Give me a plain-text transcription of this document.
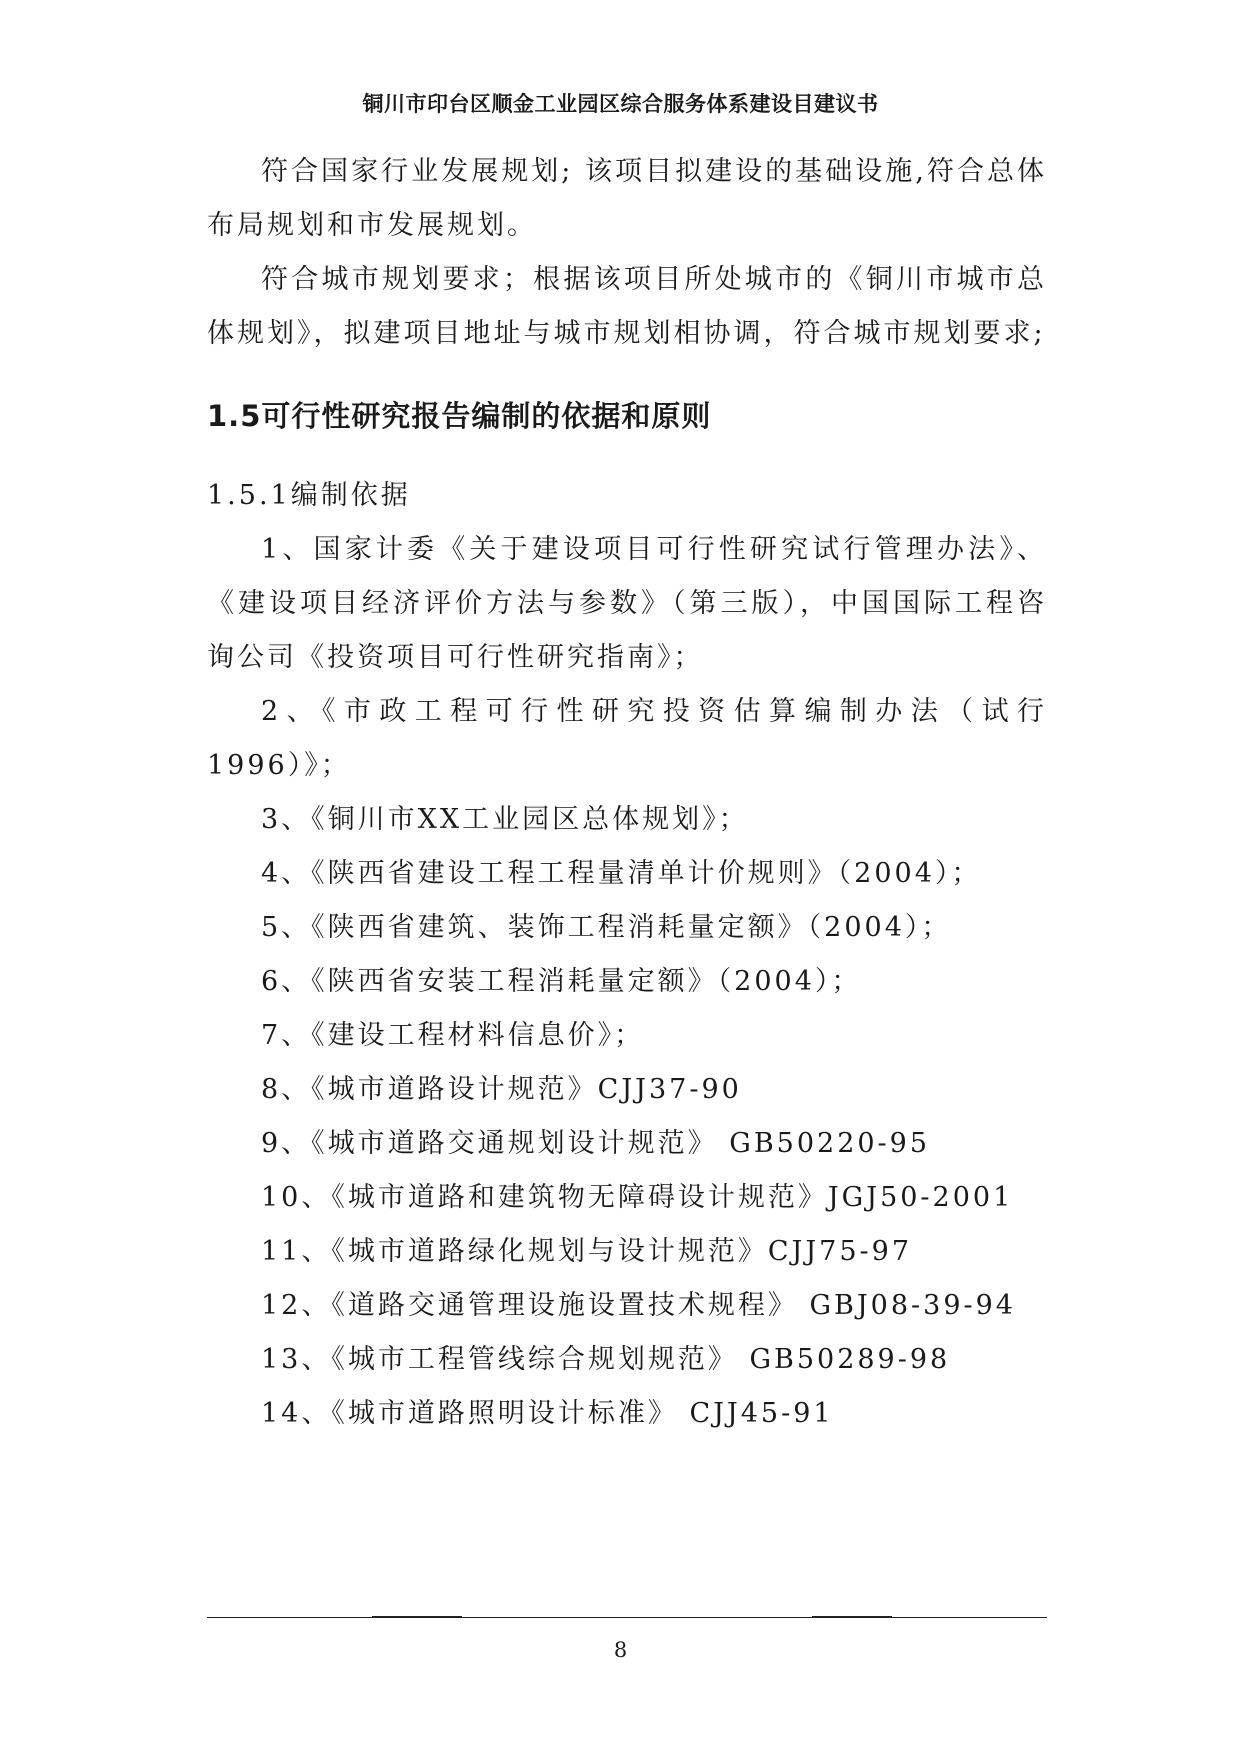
铜川市印台区顺金工业园区综合服务体系建设目建议书

符合国家行业发展规划; 该项目拟建设的基础设施,符合总体布局规划和市发展规划。

符合城市规划要求；根据该项目所处城市的《铜川市城市总体规划》，拟建项目地址与城市规划相协调，符合城市规划要求;

1.5可行性研究报告编制的依据和原则
1.5.1编制依据
1、国家计委《关于建设项目可行性研究试行管理办法》、《建设项目经济评价方法与参数》（第三版），中国国际工程咨询公司《投资项目可行性研究指南》；
2、《市政工程可行性研究投资估算编制办法（试行1996）》；
3、《铜川市XX工业园区总体规划》；
4、《陕西省建设工程工程量清单计价规则》（2004）；
5、《陕西省建筑、装饰工程消耗量定额》（2004）；
6、《陕西省安装工程消耗量定额》（2004）；
7、《建设工程材料信息价》；
8、《城市道路设计规范》CJJ37-90
9、《城市道路交通规划设计规范》 GB50220-95
10、《城市道路和建筑物无障碍设计规范》JGJ50-2001
11、《城市道路绿化规划与设计规范》CJJ75-97
12、《道路交通管理设施设置技术规程》 GBJ08-39-94
13、《城市工程管线综合规划规范》 GB50289-98
14、《城市道路照明设计标准》 CJJ45-91
8
